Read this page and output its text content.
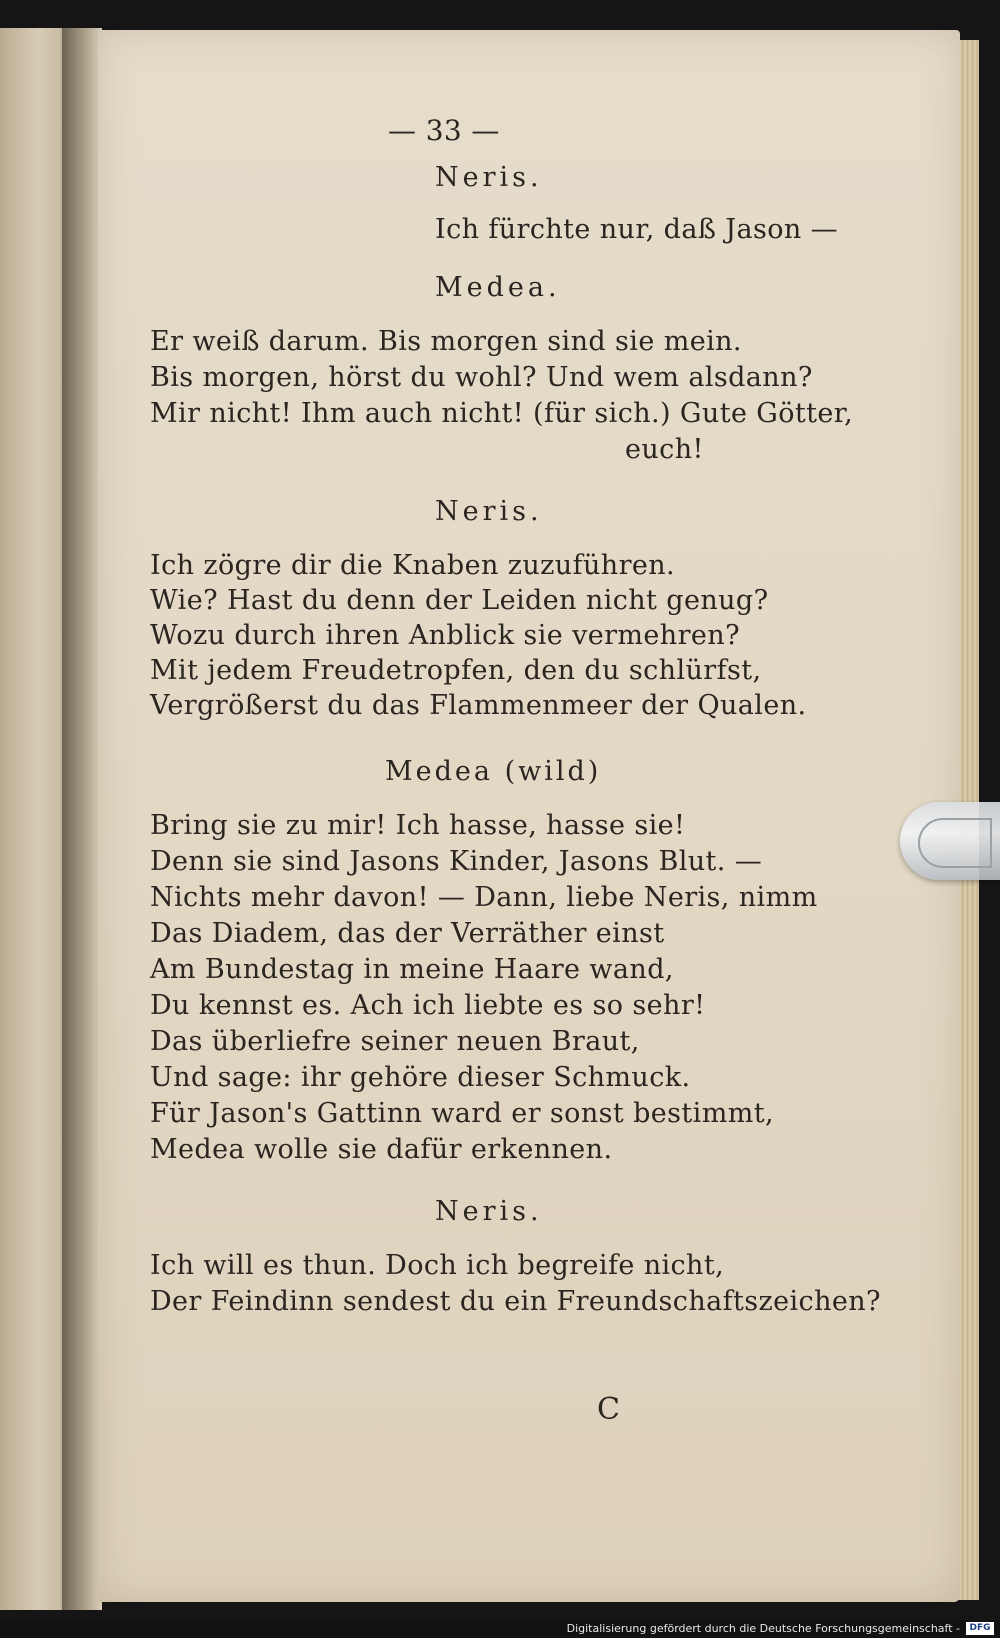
— 33 —
Neris.
Ich fürchte nur, daß Jason —
Medea.
Er weiß darum. Bis morgen sind sie mein.
Bis morgen, hörst du wohl? Und wem alsdann?
Mir nicht! Ihm auch nicht! (für sich.) Gute Götter,
euch!
Neris.
Ich zögre dir die Knaben zuzuführen.
Wie? Hast du denn der Leiden nicht genug?
Wozu durch ihren Anblick sie vermehren?
Mit jedem Freudetropfen, den du schlürfst,
Vergrößerst du das Flammenmeer der Qualen.
Medea (wild)
Bring sie zu mir! Ich hasse, hasse sie!
Denn sie sind Jasons Kinder, Jasons Blut. —
Nichts mehr davon! — Dann, liebe Neris, nimm
Das Diadem, das der Verräther einst
Am Bundestag in meine Haare wand,
Du kennst es. Ach ich liebte es so sehr!
Das überliefre seiner neuen Braut,
Und sage: ihr gehöre dieser Schmuck.
Für Jason's Gattinn ward er sonst bestimmt,
Medea wolle sie dafür erkennen.
Neris.
Ich will es thun. Doch ich begreife nicht,
Der Feindinn sendest du ein Freundschaftszeichen?
C
Digitalisierung gefördert durch die Deutsche Forschungsgemeinschaft -	DFG
